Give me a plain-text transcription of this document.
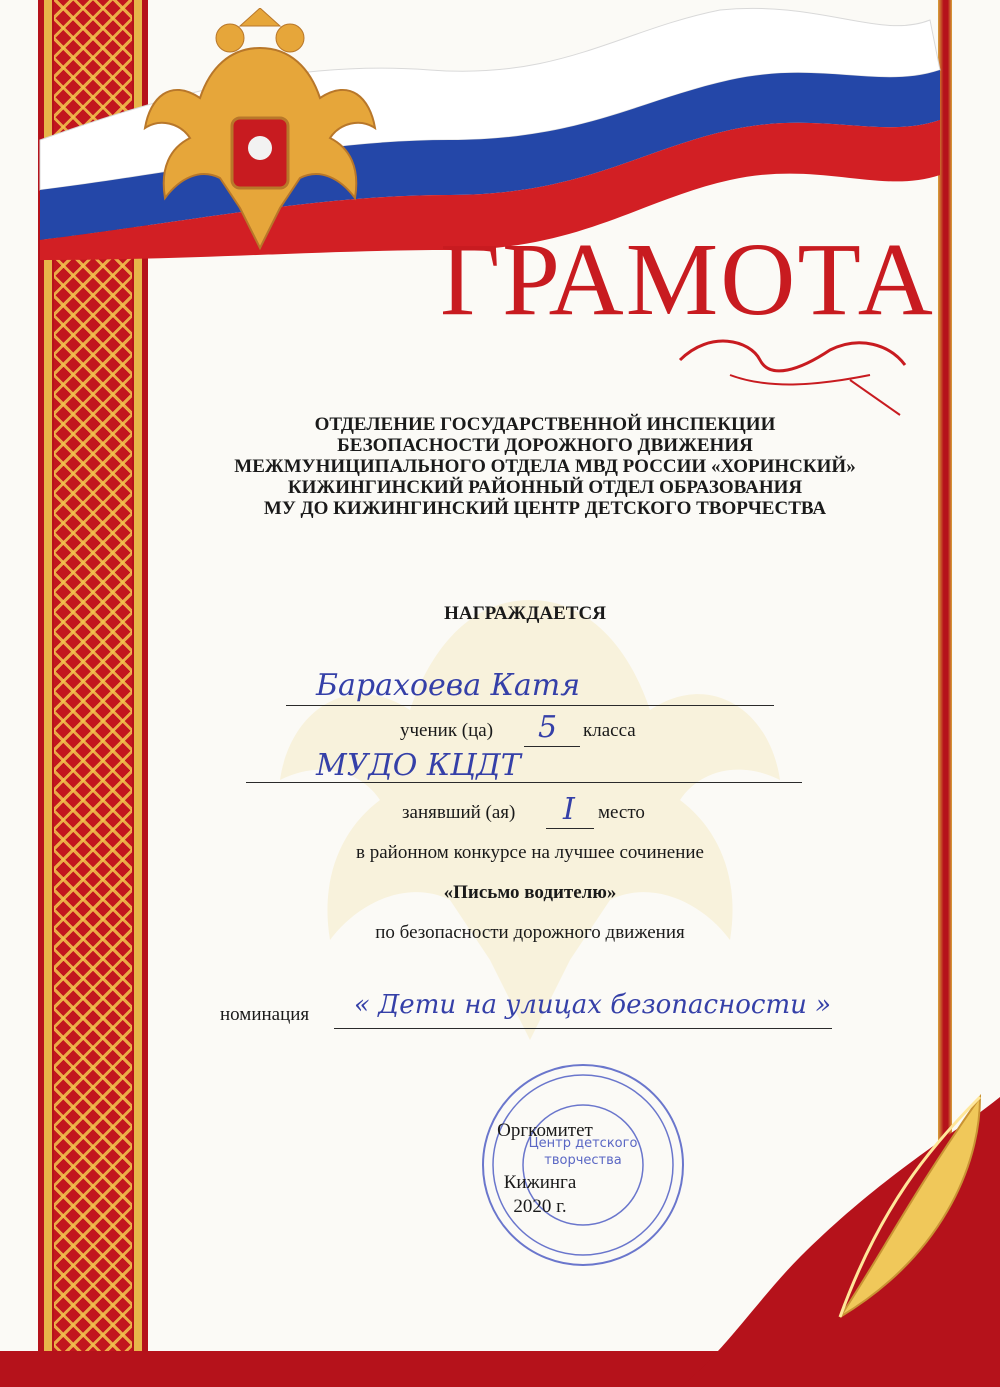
ГРАМОТА
ОТДЕЛЕНИЕ ГОСУДАРСТВЕННОЙ ИНСПЕКЦИИ
БЕЗОПАСНОСТИ ДОРОЖНОГО ДВИЖЕНИЯ
МЕЖМУНИЦИПАЛЬНОГО ОТДЕЛА МВД РОССИИ «ХОРИНСКИЙ»
КИЖИНГИНСКИЙ РАЙОННЫЙ ОТДЕЛ ОБРАЗОВАНИЯ
МУ ДО КИЖИНГИНСКИЙ ЦЕНТР ДЕТСКОГО ТВОРЧЕСТВА
НАГРАЖДАЕТСЯ
Барахоева Катя
ученик (ца) 5 класса
МУДО КЦДТ
занявший (ая) I место
в районном конкурсе на лучшее сочинение
«Письмо водителю»
по безопасности дорожного движения
номинация « Дети на улицах безопасности »
Центр детского творчества
Оргкомитет
Кижинга
2020 г.
